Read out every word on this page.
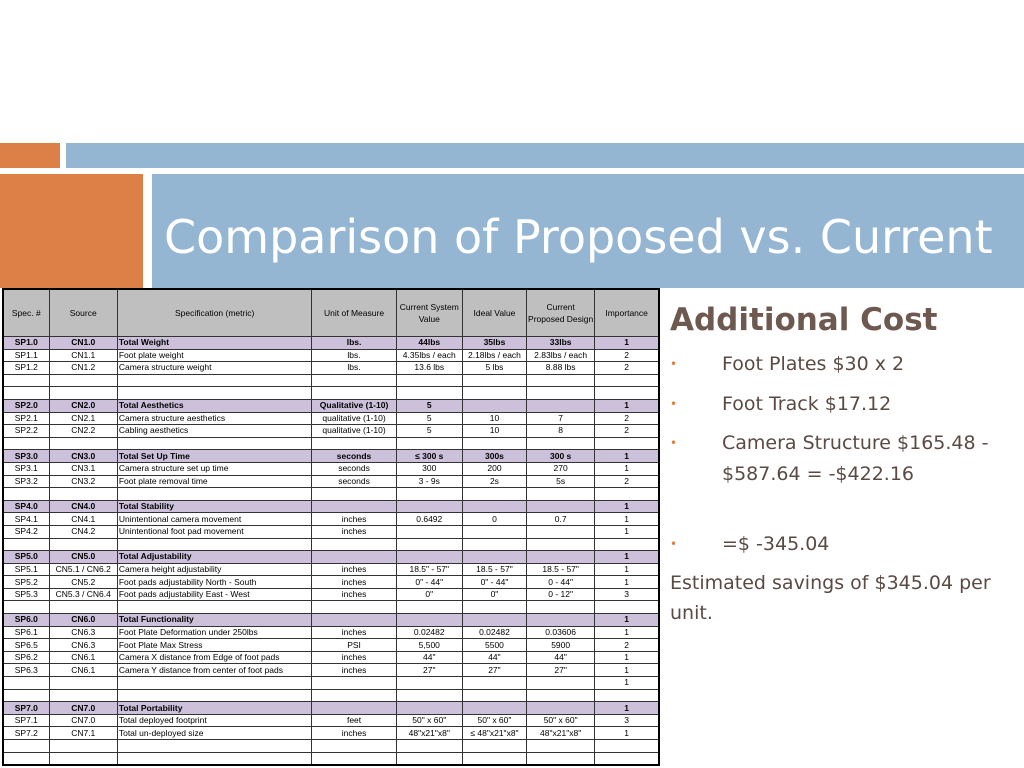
Comparison of Proposed vs. Current
Spec. #	Source	Specification (metric)	Unit of Measure	Current System Value	Ideal Value	Current Proposed Design	Importance
SP1.0	CN1.0	Total Weight	lbs.	44lbs	35lbs	33lbs	1
SP1.1	CN1.1	Foot plate weight	lbs.	4.35lbs / each	2.18lbs / each	2.83lbs / each	2
SP1.2	CN1.2	Camera structure weight	lbs.	13.6 lbs	5 lbs	8.88 lbs	2

SP2.0	CN2.0	Total Aesthetics	Qualitative (1-10)	5			1
SP2.1	CN2.1	Camera structure aesthetics	qualitative (1-10)	5	10	7	2
SP2.2	CN2.2	Cabling aesthetics	qualitative (1-10)	5	10	8	2

SP3.0	CN3.0	Total Set Up Time	seconds	≤ 300 s	300s	300 s	1
SP3.1	CN3.1	Camera structure set up time	seconds	300	200	270	1
SP3.2	CN3.2	Foot plate removal time	seconds	3 - 9s	2s	5s	2

SP4.0	CN4.0	Total Stability					1
SP4.1	CN4.1	Unintentional camera movement	inches	0.6492	0	0.7	1
SP4.2	CN4.2	Unintentional foot pad movement	inches				1

SP5.0	CN5.0	Total Adjustability					1
SP5.1	CN5.1 / CN6.2	Camera height adjustability	inches	18.5" - 57"	18.5 - 57"	18.5 - 57"	1
SP5.2	CN5.2	Foot pads adjustability North - South	inches	0" - 44"	0" - 44"	0 - 44"	1
SP5.3	CN5.3 / CN6.4	Foot pads adjustability East - West	inches	0"	0"	0 - 12"	3

SP6.0	CN6.0	Total Functionality					1
SP6.1	CN6.3	Foot Plate Deformation under 250lbs	inches	0.02482	0.02482	0.03606	1
SP6.5	CN6.3	Foot Plate Max Stress	PSI	5,500	5500	5900	2
SP6.2	CN6.1	Camera X distance from Edge of foot pads	inches	44"	44"	44"	1
SP6.3	CN6.1	Camera Y distance from center of foot pads	inches	27"	27"	27"	1
							1

SP7.0	CN7.0	Total Portability					1
SP7.1	CN7.0	Total deployed footprint	feet	50" x 60"	50" x 60"	50" x 60"	3
SP7.2	CN7.1	Total un-deployed size	inches	48"x21"x8"	≤ 48"x21"x8"	48"x21"x8"	1

Additional Cost
• Foot Plates $30 x 2
• Foot Track $17.12
• Camera Structure $165.48 - $587.64 = -$422.16
• =$ -345.04

Estimated savings of $345.04 per unit.
